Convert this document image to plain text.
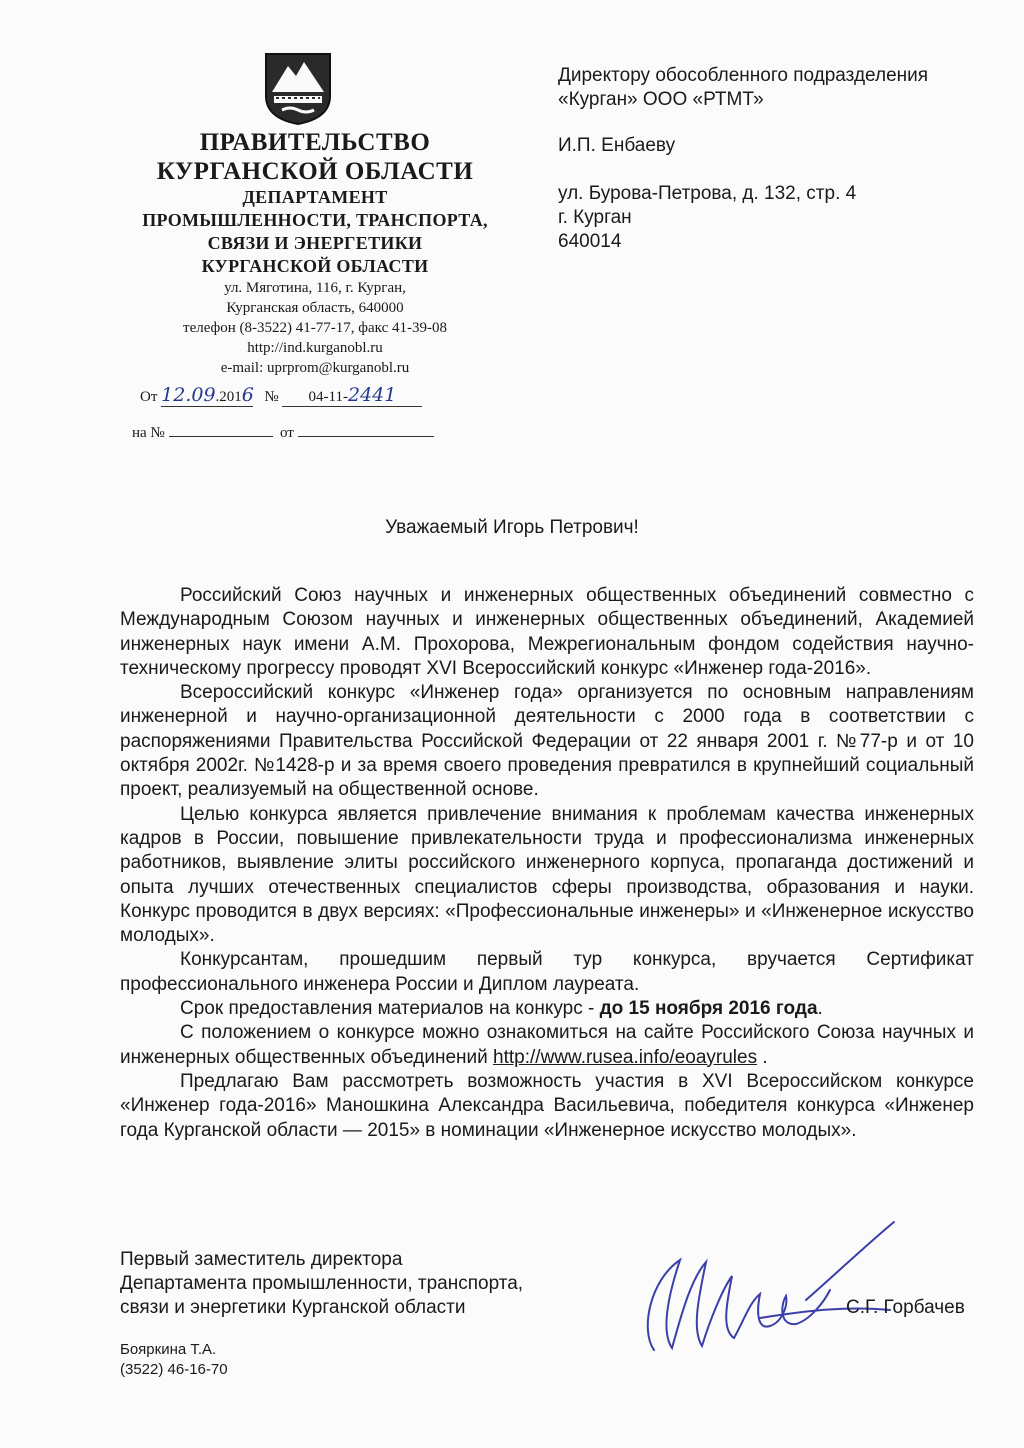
ПРАВИТЕЛЬСТВО
КУРГАНСКОЙ ОБЛАСТИ
ДЕПАРТАМЕНТ
ПРОМЫШЛЕННОСТИ, ТРАНСПОРТА,
СВЯЗИ И ЭНЕРГЕТИКИ
КУРГАНСКОЙ ОБЛАСТИ
ул. Мяготина, 116, г. Курган,
Курганская область, 640000
телефон (8-3522) 41-77-17, факс 41-39-08
http://ind.kurganobl.ru
e-mail: uprprom@kurganobl.ru
От 12.09.2016 № 04-11-2441
на №	от

Директору обособленного подразделения

«Курган» ООО «РТМТ»

И.П. Енбаеву

ул. Бурова-Петрова, д. 132, стр. 4

г. Курган

640014

Уважаемый Игорь Петрович!

Российский Союз научных и инженерных общественных объединений совместно с Международным Союзом научных и инженерных общественных объединений, Академией инженерных наук имени А.М. Прохорова, Межрегиональным фондом содействия научно-техническому прогрессу проводят XVI Всероссийский конкурс «Инженер года-2016».

Всероссийский конкурс «Инженер года» организуется по основным направлениям инженерной и научно-организационной деятельности с 2000 года в соответствии с распоряжениями Правительства Российской Федерации от 22 января 2001 г. №77-р и от 10 октября 2002г. №1428-р и за время своего проведения превратился в крупнейший социальный проект, реализуемый на общественной основе.

Целью конкурса является привлечение внимания к проблемам качества инженерных кадров в России, повышение привлекательности труда и профессионализма инженерных работников, выявление элиты российского инженерного корпуса, пропаганда достижений и опыта лучших отечественных специалистов сферы производства, образования и науки. Конкурс проводится в двух версиях: «Профессиональные инженеры» и «Инженерное искусство молодых».

Конкурсантам, прошедшим первый тур конкурса, вручается Сертификат профессионального инженера России и Диплом лауреата.

Срок предоставления материалов на конкурс - до 15 ноября 2016 года.

С положением о конкурсе можно ознакомиться на сайте Российского Союза научных и инженерных общественных объединений http://www.rusea.info/eoayrules .

Предлагаю Вам рассмотреть возможность участия в XVI Всероссийском конкурсе «Инженер года-2016» Маношкина Александра Васильевича, победителя конкурса «Инженер года Курганской области — 2015» в номинации «Инженерное искусство молодых».

Первый заместитель директора

Департамента промышленности, транспорта,

связи и энергетики Курганской области	С.Г. Горбачев

Бояркина Т.А.

(3522) 46-16-70
